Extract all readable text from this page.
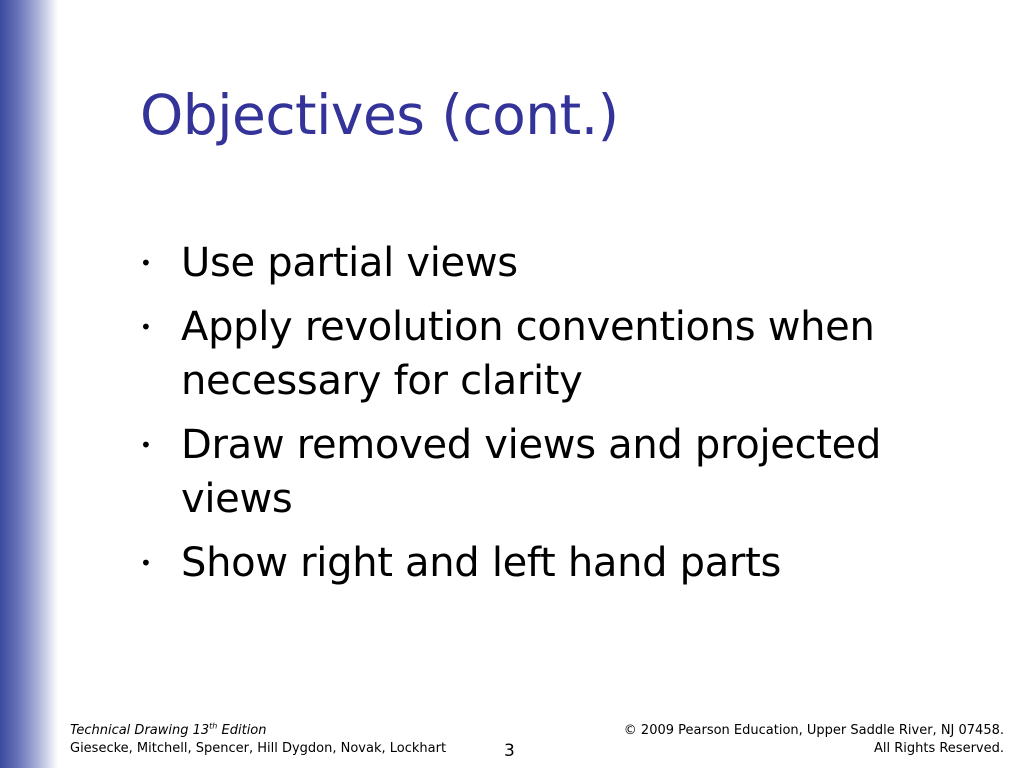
Objectives (cont.)
• Use partial views
• Apply revolution conventions when necessary for clarity
• Draw removed views and projected views
• Show right and left hand parts
Technical Drawing 13th Edition
Giesecke, Mitchell, Spencer, Hill Dygdon, Novak, Lockhart	3
© 2009 Pearson Education, Upper Saddle River, NJ 07458.
All Rights Reserved.
